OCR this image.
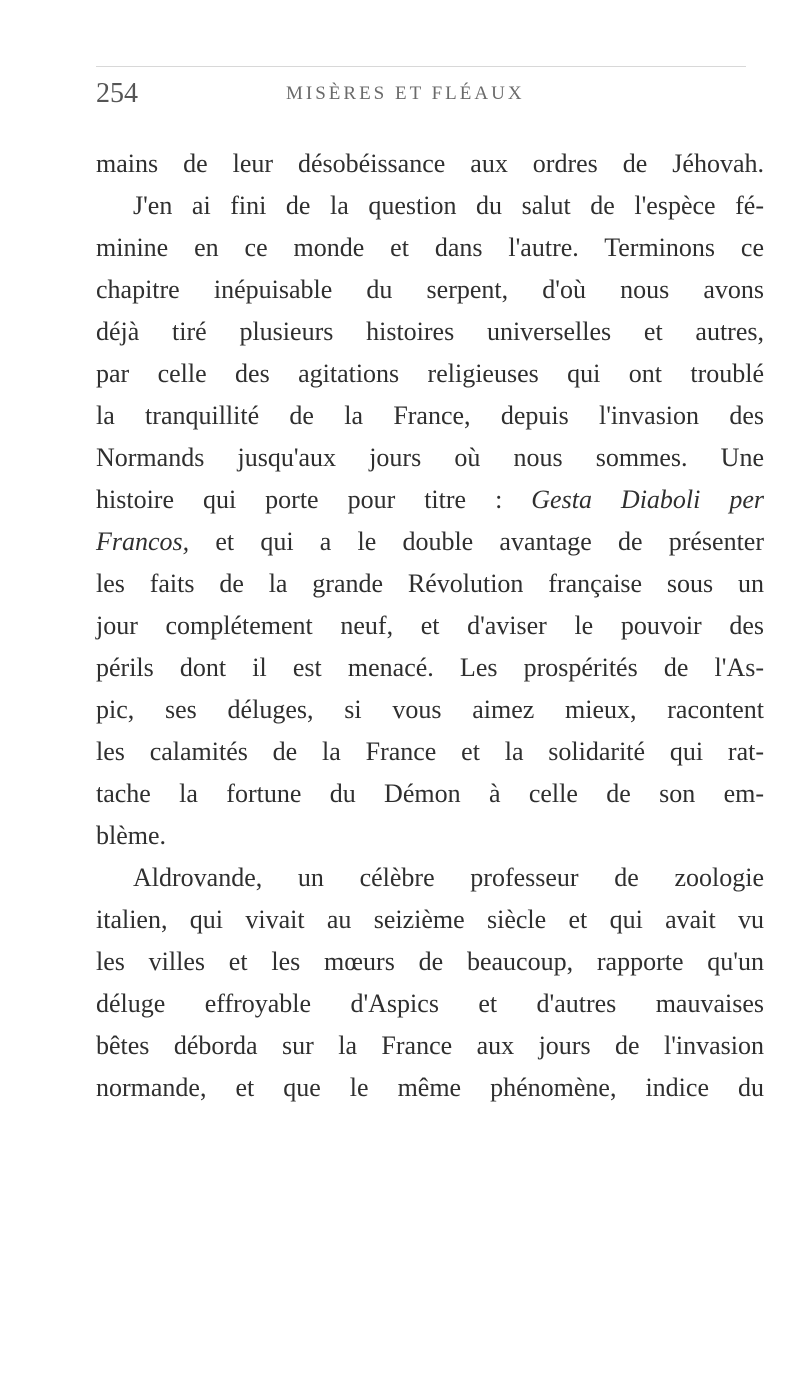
254	MISÈRES ET FLÉAUX
mains de leur désobéissance aux ordres de Jéhovah.
J'en ai fini de la question du salut de l'espèce fé-
minine en ce monde et dans l'autre. Terminons ce
chapitre inépuisable du serpent, d'où nous avons
déjà tiré plusieurs histoires universelles et autres,
par celle des agitations religieuses qui ont troublé
la tranquillité de la France, depuis l'invasion des
Normands jusqu'aux jours où nous sommes. Une
histoire qui porte pour titre : Gesta Diaboli per
Francos, et qui a le double avantage de présenter
les faits de la grande Révolution française sous un
jour complétement neuf, et d'aviser le pouvoir des
périls dont il est menacé. Les prospérités de l'As-
pic, ses déluges, si vous aimez mieux, racontent
les calamités de la France et la solidarité qui rat-
tache la fortune du Démon à celle de son em-
blème.
Aldrovande, un célèbre professeur de zoologie
italien, qui vivait au seizième siècle et qui avait vu
les villes et les mœurs de beaucoup, rapporte qu'un
déluge effroyable d'Aspics et d'autres mauvaises
bêtes déborda sur la France aux jours de l'invasion
normande, et que le même phénomène, indice du
